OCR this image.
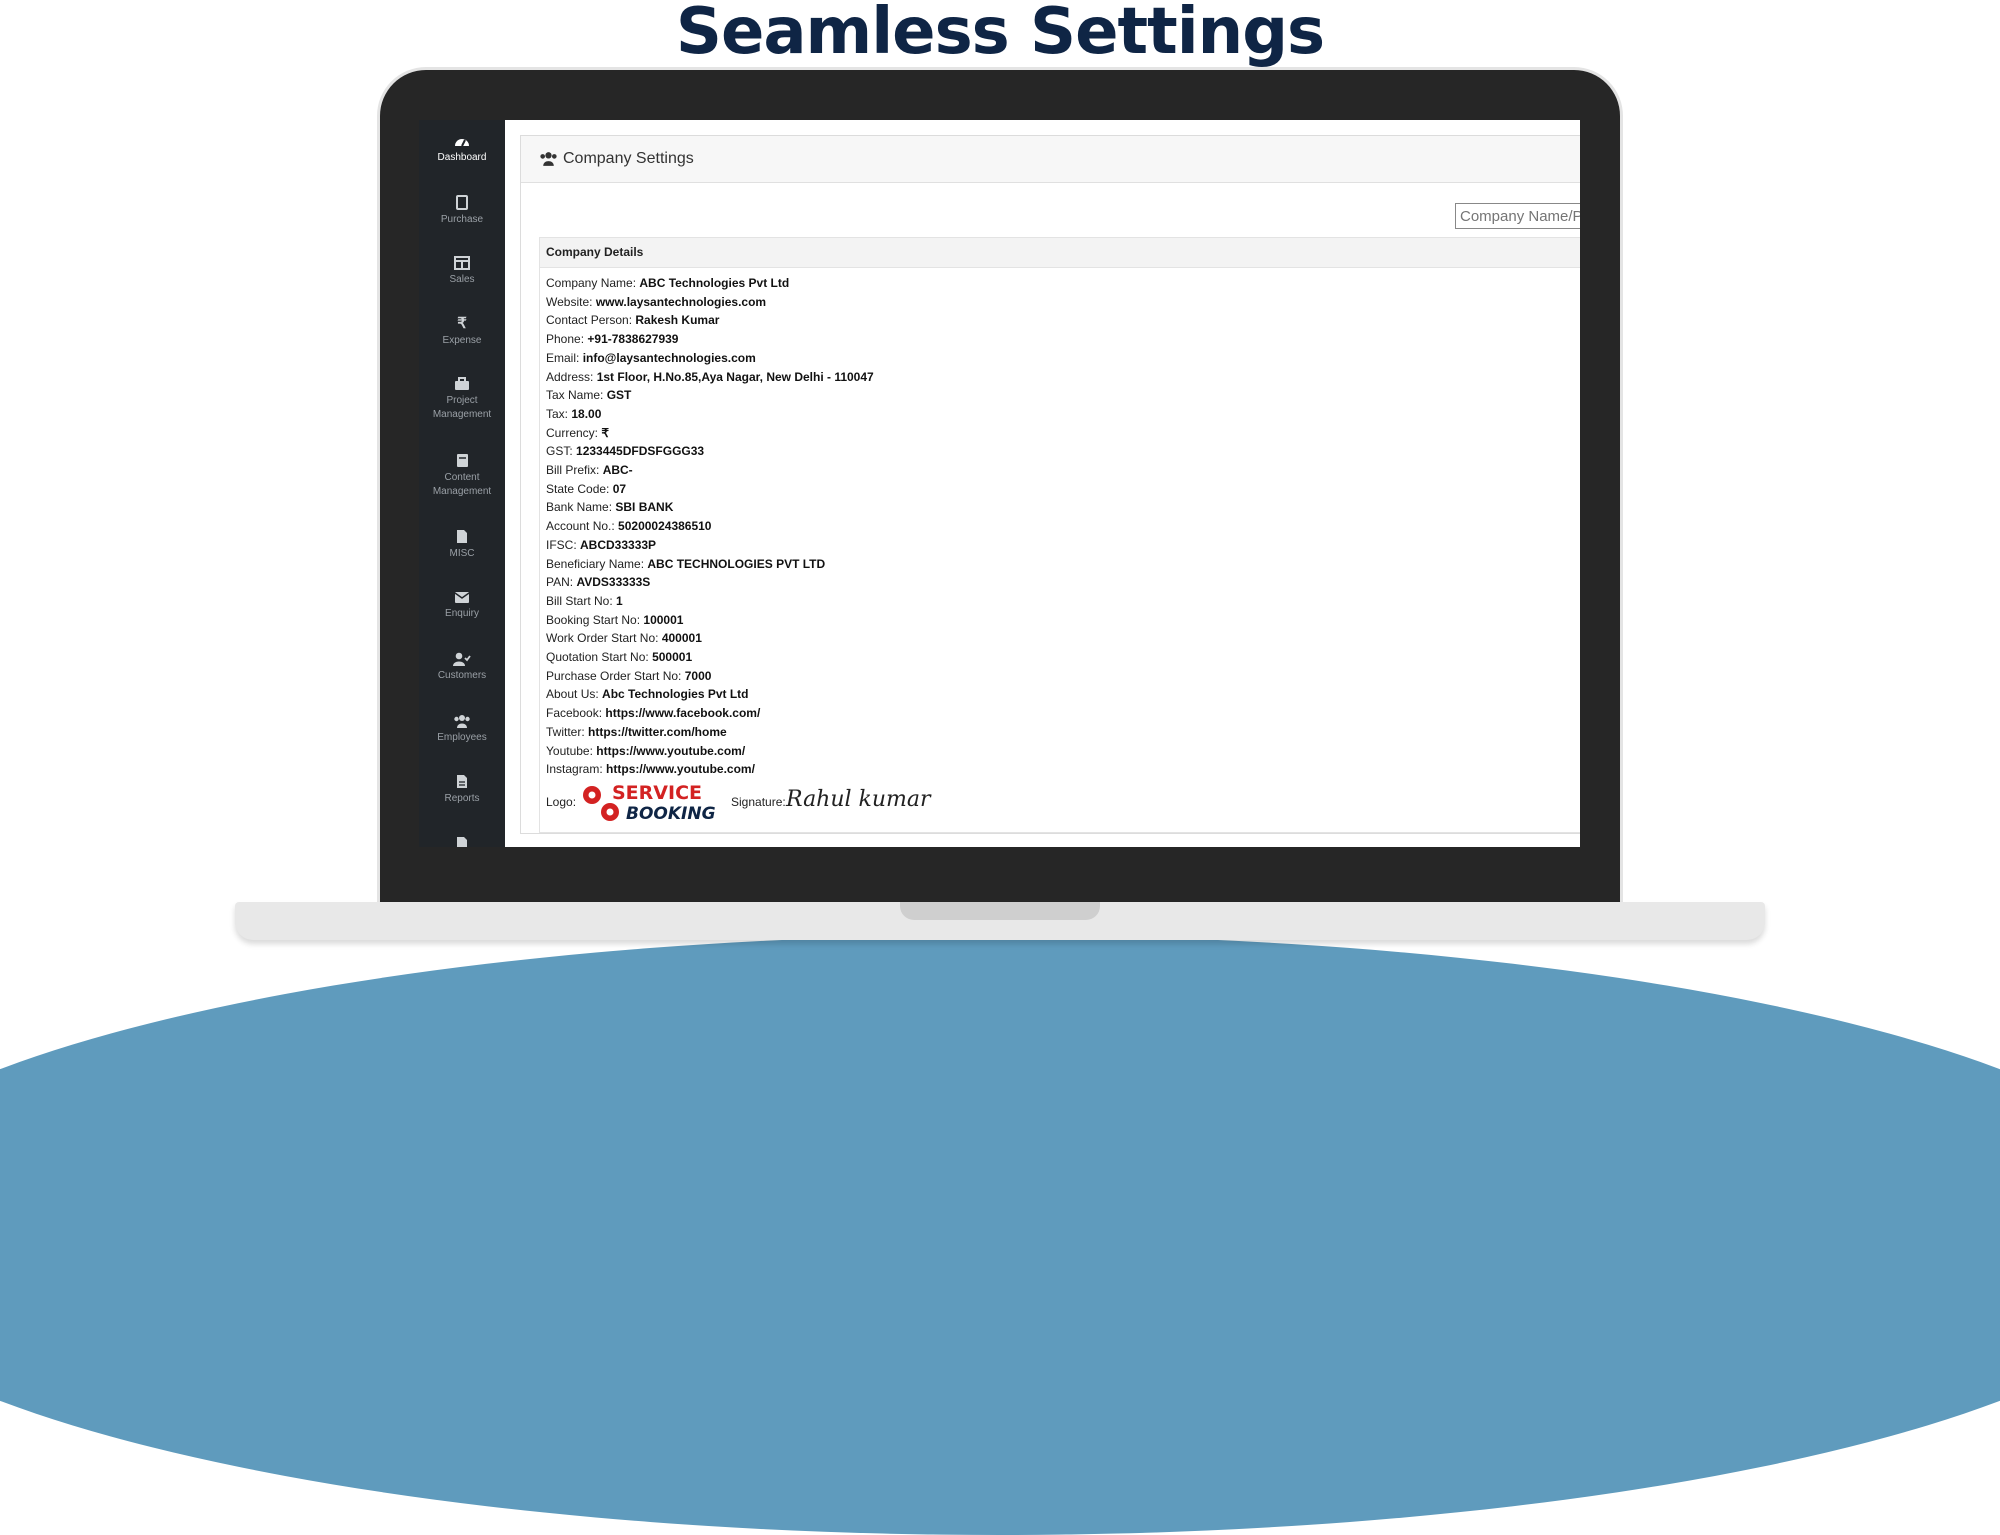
Seamless Settings
Dashboard
Purchase
Sales
₹
Expense
Project
Management
Content
Management
MISC
Enquiry
Customers
Employees
Reports
Company Settings
Company Name/P
Company Details
Company Name: ABC Technologies Pvt Ltd
Website: www.laysantechnologies.com
Contact Person: Rakesh Kumar
Phone: +91-7838627939
Email: info@laysantechnologies.com
Address: 1st Floor, H.No.85,Aya Nagar, New Delhi - 110047
Tax Name: GST
Tax: 18.00
Currency: ₹
GST: 1233445DFDSFGGG33
Bill Prefix: ABC-
State Code: 07
Bank Name: SBI BANK
Account No.: 50200024386510
IFSC: ABCD33333P
Beneficiary Name: ABC TECHNOLOGIES PVT LTD
PAN: AVDS33333S
Bill Start No: 1
Booking Start No: 100001
Work Order Start No: 400001
Quotation Start No: 500001
Purchase Order Start No: 7000
About Us: Abc Technologies Pvt Ltd
Facebook: https://www.facebook.com/
Twitter: https://twitter.com/home
Youtube: https://www.youtube.com/
Instagram: https://www.youtube.com/
Logo: SERVICE
BOOKING
Signature: Rahul kumar
